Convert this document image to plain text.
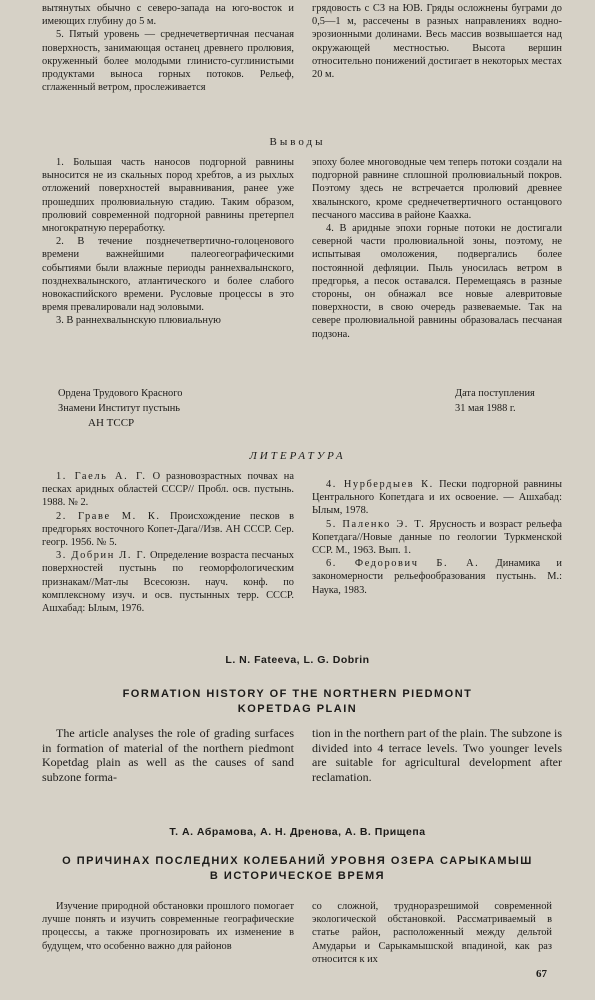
вытянутых обычно с северо-запада на юго-восток и имеющих глубину до 5 м.

5. Пятый уровень — среднечетвертичная песчаная поверхность, занимающая останец древнего пролювия, окруженный более молодыми глинисто-суглинистыми продуктами выноса горных потоков. Рельеф, сглаженный ветром, прослеживается

грядовость с СЗ на ЮВ. Гряды осложнены буграми до 0,5—1 м, рассечены в разных направлениях водно-эрозионными долинами. Весь массив возвышается над окружающей местностью. Высота вершин относительно понижений достигает в некоторых местах 20 м.

Выводы

1. Большая часть наносов подгорной равнины выносится не из скальных пород хребтов, а из рыхлых отложений поверхностей выравнивания, ранее уже прошедших пролювиальную стадию. Таким образом, пролювий современной подгорной равнины претерпел многократную переработку.

2. В течение позднечетвертично-голоценового времени важнейшими палеогеографическими событиями были влажные периоды раннехвалынского, позднехвалынского, атлантического и более слабого новокаспийского времени. Русловые процессы в это время превалировали над эоловыми.

3. В раннехвалынскую плювиальную

эпоху более многоводные чем теперь потоки создали на подгорной равнине сплошной пролювиальный покров. Поэтому здесь не встречается пролювий древнее хвалынского, кроме среднечетвертичного останцового песчаного массива в районе Каахка.

4. В аридные эпохи горные потоки не достигали северной части пролювиальной зоны, поэтому, не испытывая омоложения, подвергались более постоянной дефляции. Пыль уносилась ветром в предгорья, а песок оставался. Перемещаясь в разные стороны, он обнажал все новые алевритовые поверхности, в свою очередь развеваемые. Так на севере пролювиальной равнины образовалась песчаная подзона.

Ордена Трудового Красного
Знамени Институт пустынь
АН ТССР
Дата поступления
31 мая 1988 г.
ЛИТЕРАТУРА

1. Гаель А. Г. О разновозрастных почвах на песках аридных областей СССР// Пробл. осв. пустынь. 1988. № 2.

2. Граве М. К. Происхождение песков в предгорьях восточного Копет-Дага//Изв. АН СССР. Сер. геогр. 1956. № 5.

3. Добрин Л. Г. Определение возраста песчаных поверхностей пустынь по геоморфологическим признакам//Мат-лы Всесоюзн. науч. конф. по комплексному изуч. и осв. пустынных терр. СССР. Ашхабад: Ылым, 1976.

4. Нурбердыев К. Пески подгорной равнины Центрального Копетдага и их освоение. — Ашхабад: Ылым, 1978.

5. Паленко Э. Т. Ярусность и возраст рельефа Копетдага//Новые данные по геологии Туркменской ССР. М., 1963. Вып. 1.

6. Федорович Б. А. Динамика и закономерности рельефообразования пустынь. М.: Наука, 1983.

L. N. Fateeva, L. G. Dobrin
FORMATION HISTORY OF THE NORTHERN PIEDMONT
KOPETDAG PLAIN

The article analyses the role of grading surfaces in formation of material of the northern piedmont Kopetdag plain as well as the causes of sand subzone forma-

tion in the northern part of the plain. The subzone is divided into 4 terrace levels. Two younger levels are suitable for agricultural development after reclamation.

Т. А. Абрамова, А. Н. Дренова, А. В. Прищепа
О ПРИЧИНАХ ПОСЛЕДНИХ КОЛЕБАНИЙ УРОВНЯ ОЗЕРА САРЫКАМЫШ
В ИСТОРИЧЕСКОЕ ВРЕМЯ

Изучение природной обстановки прошлого помогает лучше понять и изучить современные географические процессы, а также прогнозировать их изменение в будущем, что особенно важно для районов

со сложной, трудноразрешимой современной экологической обстановкой. Рассматриваемый в статье район, расположенный между дельтой Амударьи и Сарыкамышской впадиной, как раз относится к их

67
